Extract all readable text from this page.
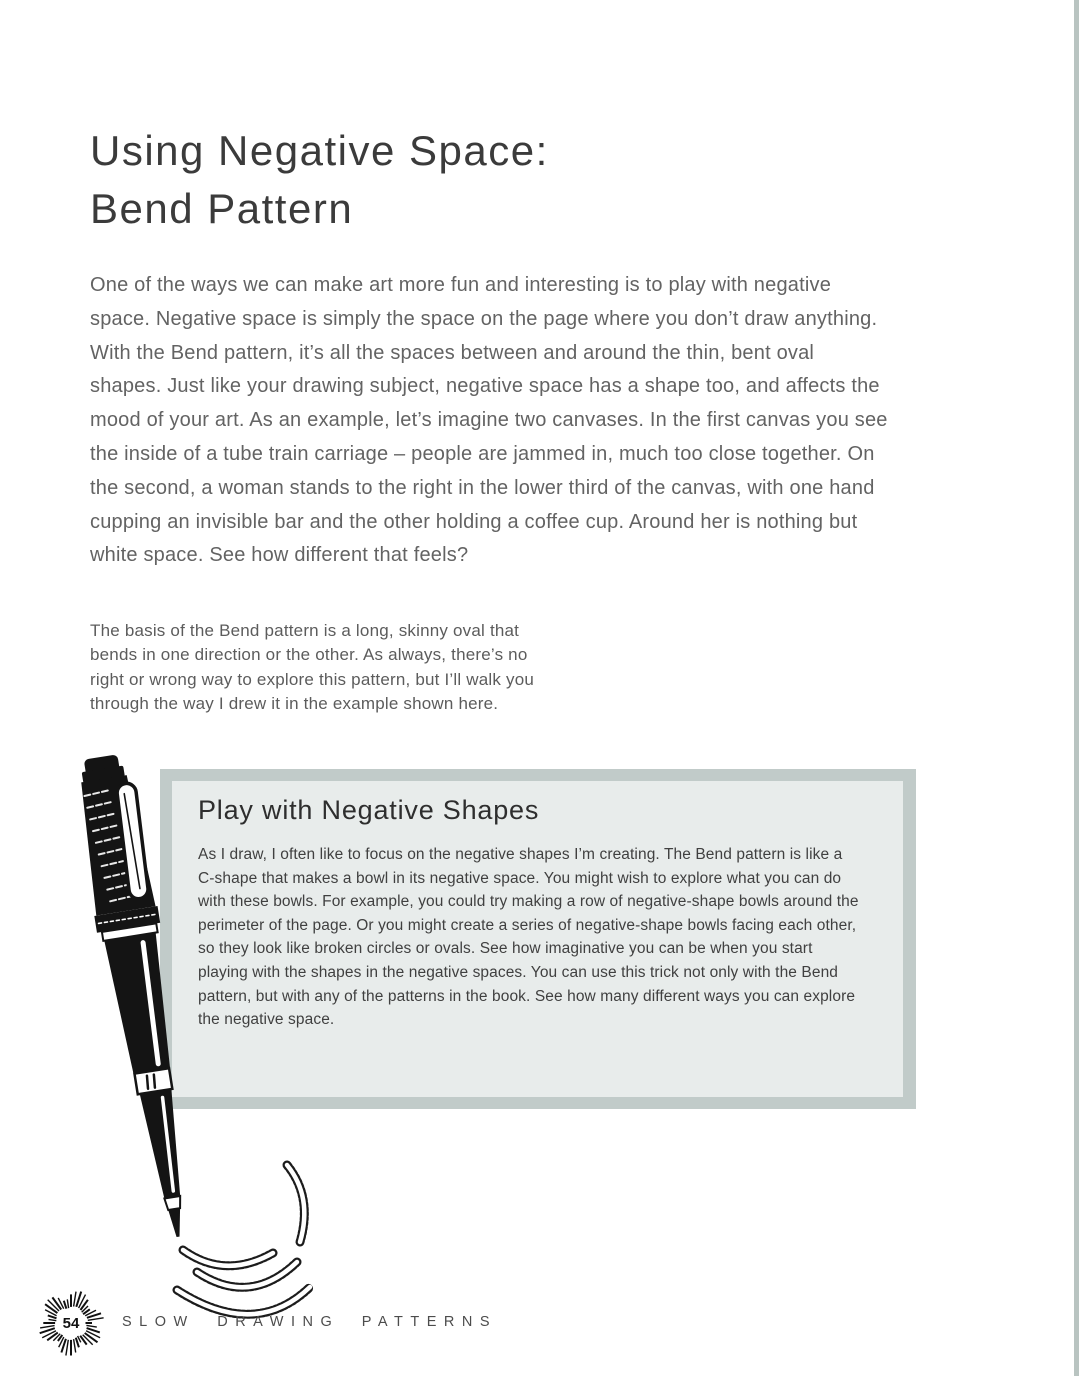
Using Negative Space:
Bend Pattern

One of the ways we can make art more fun and interesting is to play with negative space. Negative space is simply the space on the page where you don’t draw anything. With the Bend pattern, it’s all the spaces between and around the thin, bent oval shapes. Just like your drawing subject, negative space has a shape too, and affects the mood of your art. As an example, let’s imagine two canvases. In the first canvas you see the inside of a tube train carriage – people are jammed in, much too close together. On the second, a woman stands to the right in the lower third of the canvas, with one hand cupping an invisible bar and the other holding a coffee cup. Around her is nothing but white space. See how different that feels?

The basis of the Bend pattern is a long, skinny oval that bends in one direction or the other. As always, there’s no right or wrong way to explore this pattern, but I’ll walk you through the way I drew it in the example shown here.

Play with Negative Shapes

As I draw, I often like to focus on the negative shapes I’m creating. The Bend pattern is like a C-shape that makes a bowl in its negative space. You might wish to explore what you can do with these bowls. For example, you could try making a row of negative-shape bowls around the perimeter of the page. Or you might create a series of negative-shape bowls facing each other, so they look like broken circles or ovals. See how imaginative you can be when you start playing with the shapes in the negative spaces. You can use this trick not only with the Bend pattern, but with any of the patterns in the book. See how many different ways you can explore the negative space.

54	SLOW DRAWING PATTERNS
